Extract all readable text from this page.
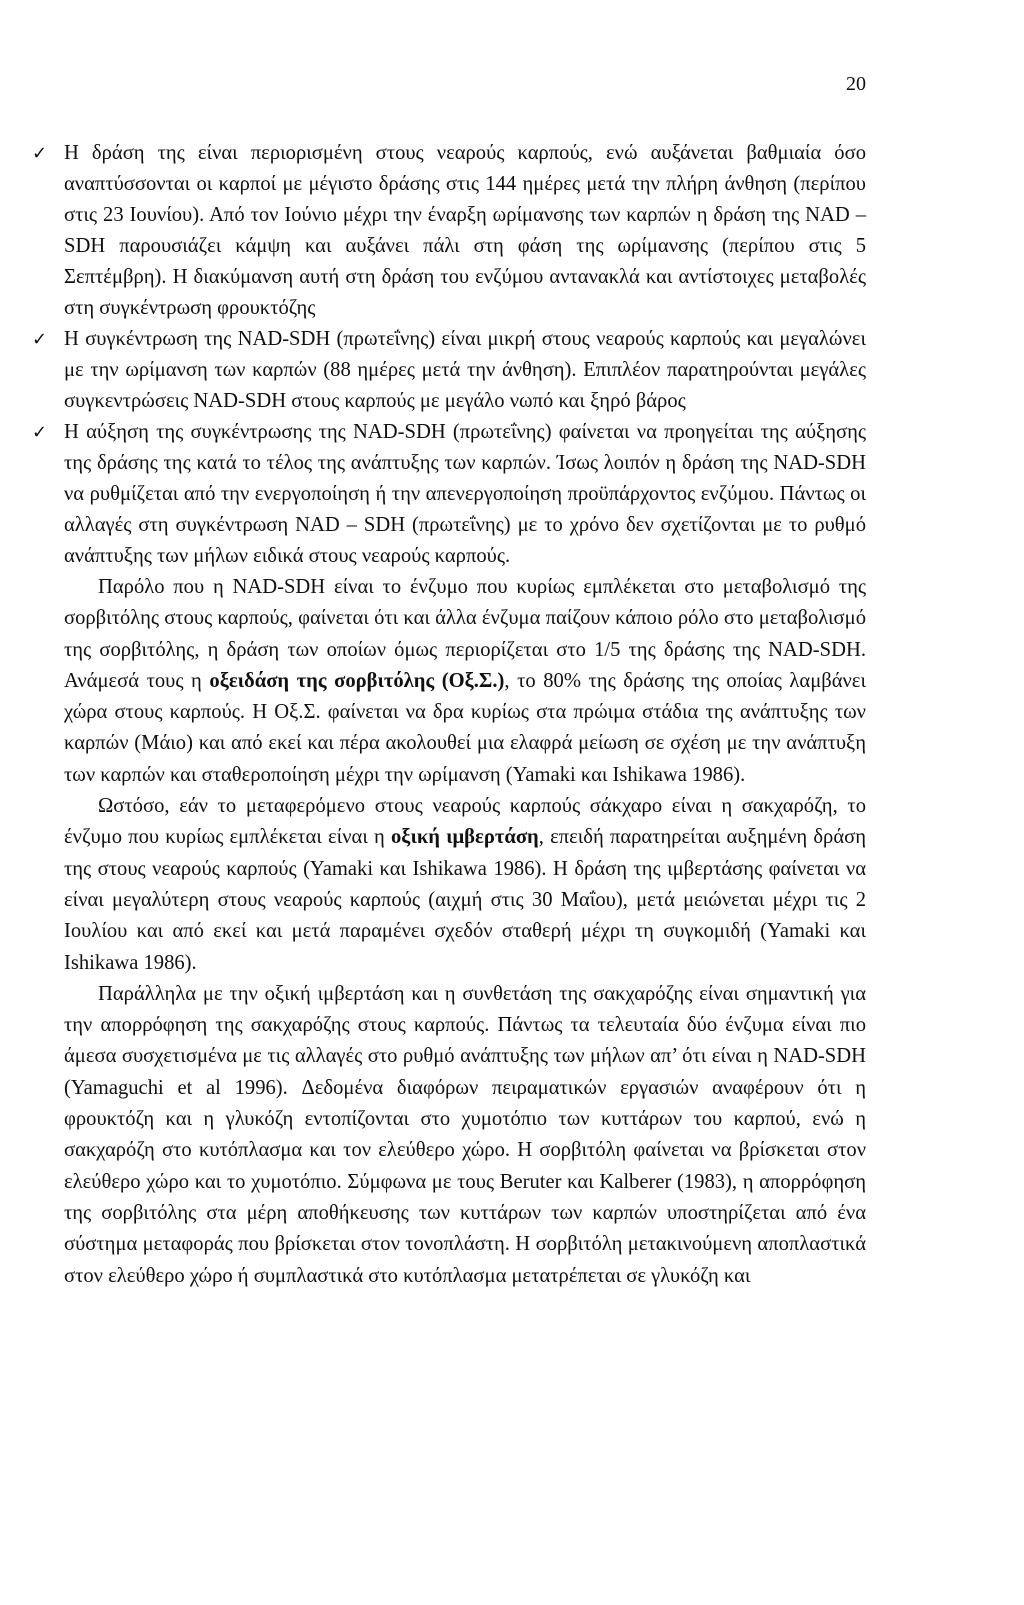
20

✓ Η δράση της είναι περιορισμένη στους νεαρούς καρπούς, ενώ αυξάνεται βαθμιαία όσο αναπτύσσονται οι καρποί με μέγιστο δράσης στις 144 ημέρες μετά την πλήρη άνθηση (περίπου στις 23 Ιουνίου). Από τον Ιούνιο μέχρι την έναρξη ωρίμανσης των καρπών η δράση της NAD – SDH παρουσιάζει κάμψη και αυξάνει πάλι στη φάση της ωρίμανσης (περίπου στις 5 Σεπτέμβρη). Η διακύμανση αυτή στη δράση του ενζύμου αντανακλά και αντίστοιχες μεταβολές στη συγκέντρωση φρουκτόζης

✓ Η συγκέντρωση της NAD-SDH (πρωτεΐνης) είναι μικρή στους νεαρούς καρπούς και μεγαλώνει με την ωρίμανση των καρπών (88 ημέρες μετά την άνθηση). Επιπλέον παρατηρούνται μεγάλες συγκεντρώσεις NAD-SDH στους καρπούς με μεγάλο νωπό και ξηρό βάρος

✓ Η αύξηση της συγκέντρωσης της NAD-SDH (πρωτεΐνης) φαίνεται να προηγείται της αύξησης της δράσης της κατά το τέλος της ανάπτυξης των καρπών. Ίσως λοιπόν η δράση της NAD-SDH να ρυθμίζεται από την ενεργοποίηση ή την απενεργοποίηση προϋπάρχοντος ενζύμου. Πάντως οι αλλαγές στη συγκέντρωση NAD – SDH (πρωτεΐνης) με το χρόνο δεν σχετίζονται με το ρυθμό ανάπτυξης των μήλων ειδικά στους νεαρούς καρπούς.

Παρόλο που η NAD-SDH είναι το ένζυμο που κυρίως εμπλέκεται στο μεταβολισμό της σορβιτόλης στους καρπούς, φαίνεται ότι και άλλα ένζυμα παίζουν κάποιο ρόλο στο μεταβολισμό της σορβιτόλης, η δράση των οποίων όμως περιορίζεται στο 1/5 της δράσης της NAD-SDH. Ανάμεσά τους η οξειδάση της σορβιτόλης (Οξ.Σ.), το 80% της δράσης της οποίας λαμβάνει χώρα στους καρπούς. Η Οξ.Σ. φαίνεται να δρα κυρίως στα πρώιμα στάδια της ανάπτυξης των καρπών (Μάιο) και από εκεί και πέρα ακολουθεί μια ελαφρά μείωση σε σχέση με την ανάπτυξη των καρπών και σταθεροποίηση μέχρι την ωρίμανση (Yamaki και Ishikawa 1986).

Ωστόσο, εάν το μεταφερόμενο στους νεαρούς καρπούς σάκχαρο είναι η σακχαρόζη, το ένζυμο που κυρίως εμπλέκεται είναι η οξική ιμβερτάση, επειδή παρατηρείται αυξημένη δράση της στους νεαρούς καρπούς (Yamaki και Ishikawa 1986). Η δράση της ιμβερτάσης φαίνεται να είναι μεγαλύτερη στους νεαρούς καρπούς (αιχμή στις 30 Μαΐου), μετά μειώνεται μέχρι τις 2 Ιουλίου και από εκεί και μετά παραμένει σχεδόν σταθερή μέχρι τη συγκομιδή (Yamaki και Ishikawa 1986).

Παράλληλα με την οξική ιμβερτάση και η συνθετάση της σακχαρόζης είναι σημαντική για την απορρόφηση της σακχαρόζης στους καρπούς. Πάντως τα τελευταία δύο ένζυμα είναι πιο άμεσα συσχετισμένα με τις αλλαγές στο ρυθμό ανάπτυξης των μήλων απ’ ότι είναι η NAD-SDH (Yamaguchi et al 1996). Δεδομένα διαφόρων πειραματικών εργασιών αναφέρουν ότι η φρουκτόζη και η γλυκόζη εντοπίζονται στο χυμοτόπιο των κυττάρων του καρπού, ενώ η σακχαρόζη στο κυτόπλασμα και τον ελεύθερο χώρο. Η σορβιτόλη φαίνεται να βρίσκεται στον ελεύθερο χώρο και το χυμοτόπιο. Σύμφωνα με τους Beruter και Kalberer (1983), η απορρόφηση της σορβιτόλης στα μέρη αποθήκευσης των κυττάρων των καρπών υποστηρίζεται από ένα σύστημα μεταφοράς που βρίσκεται στον τονοπλάστη. Η σορβιτόλη μετακινούμενη αποπλαστικά στον ελεύθερο χώρο ή συμπλαστικά στο κυτόπλασμα μετατρέπεται σε γλυκόζη και
